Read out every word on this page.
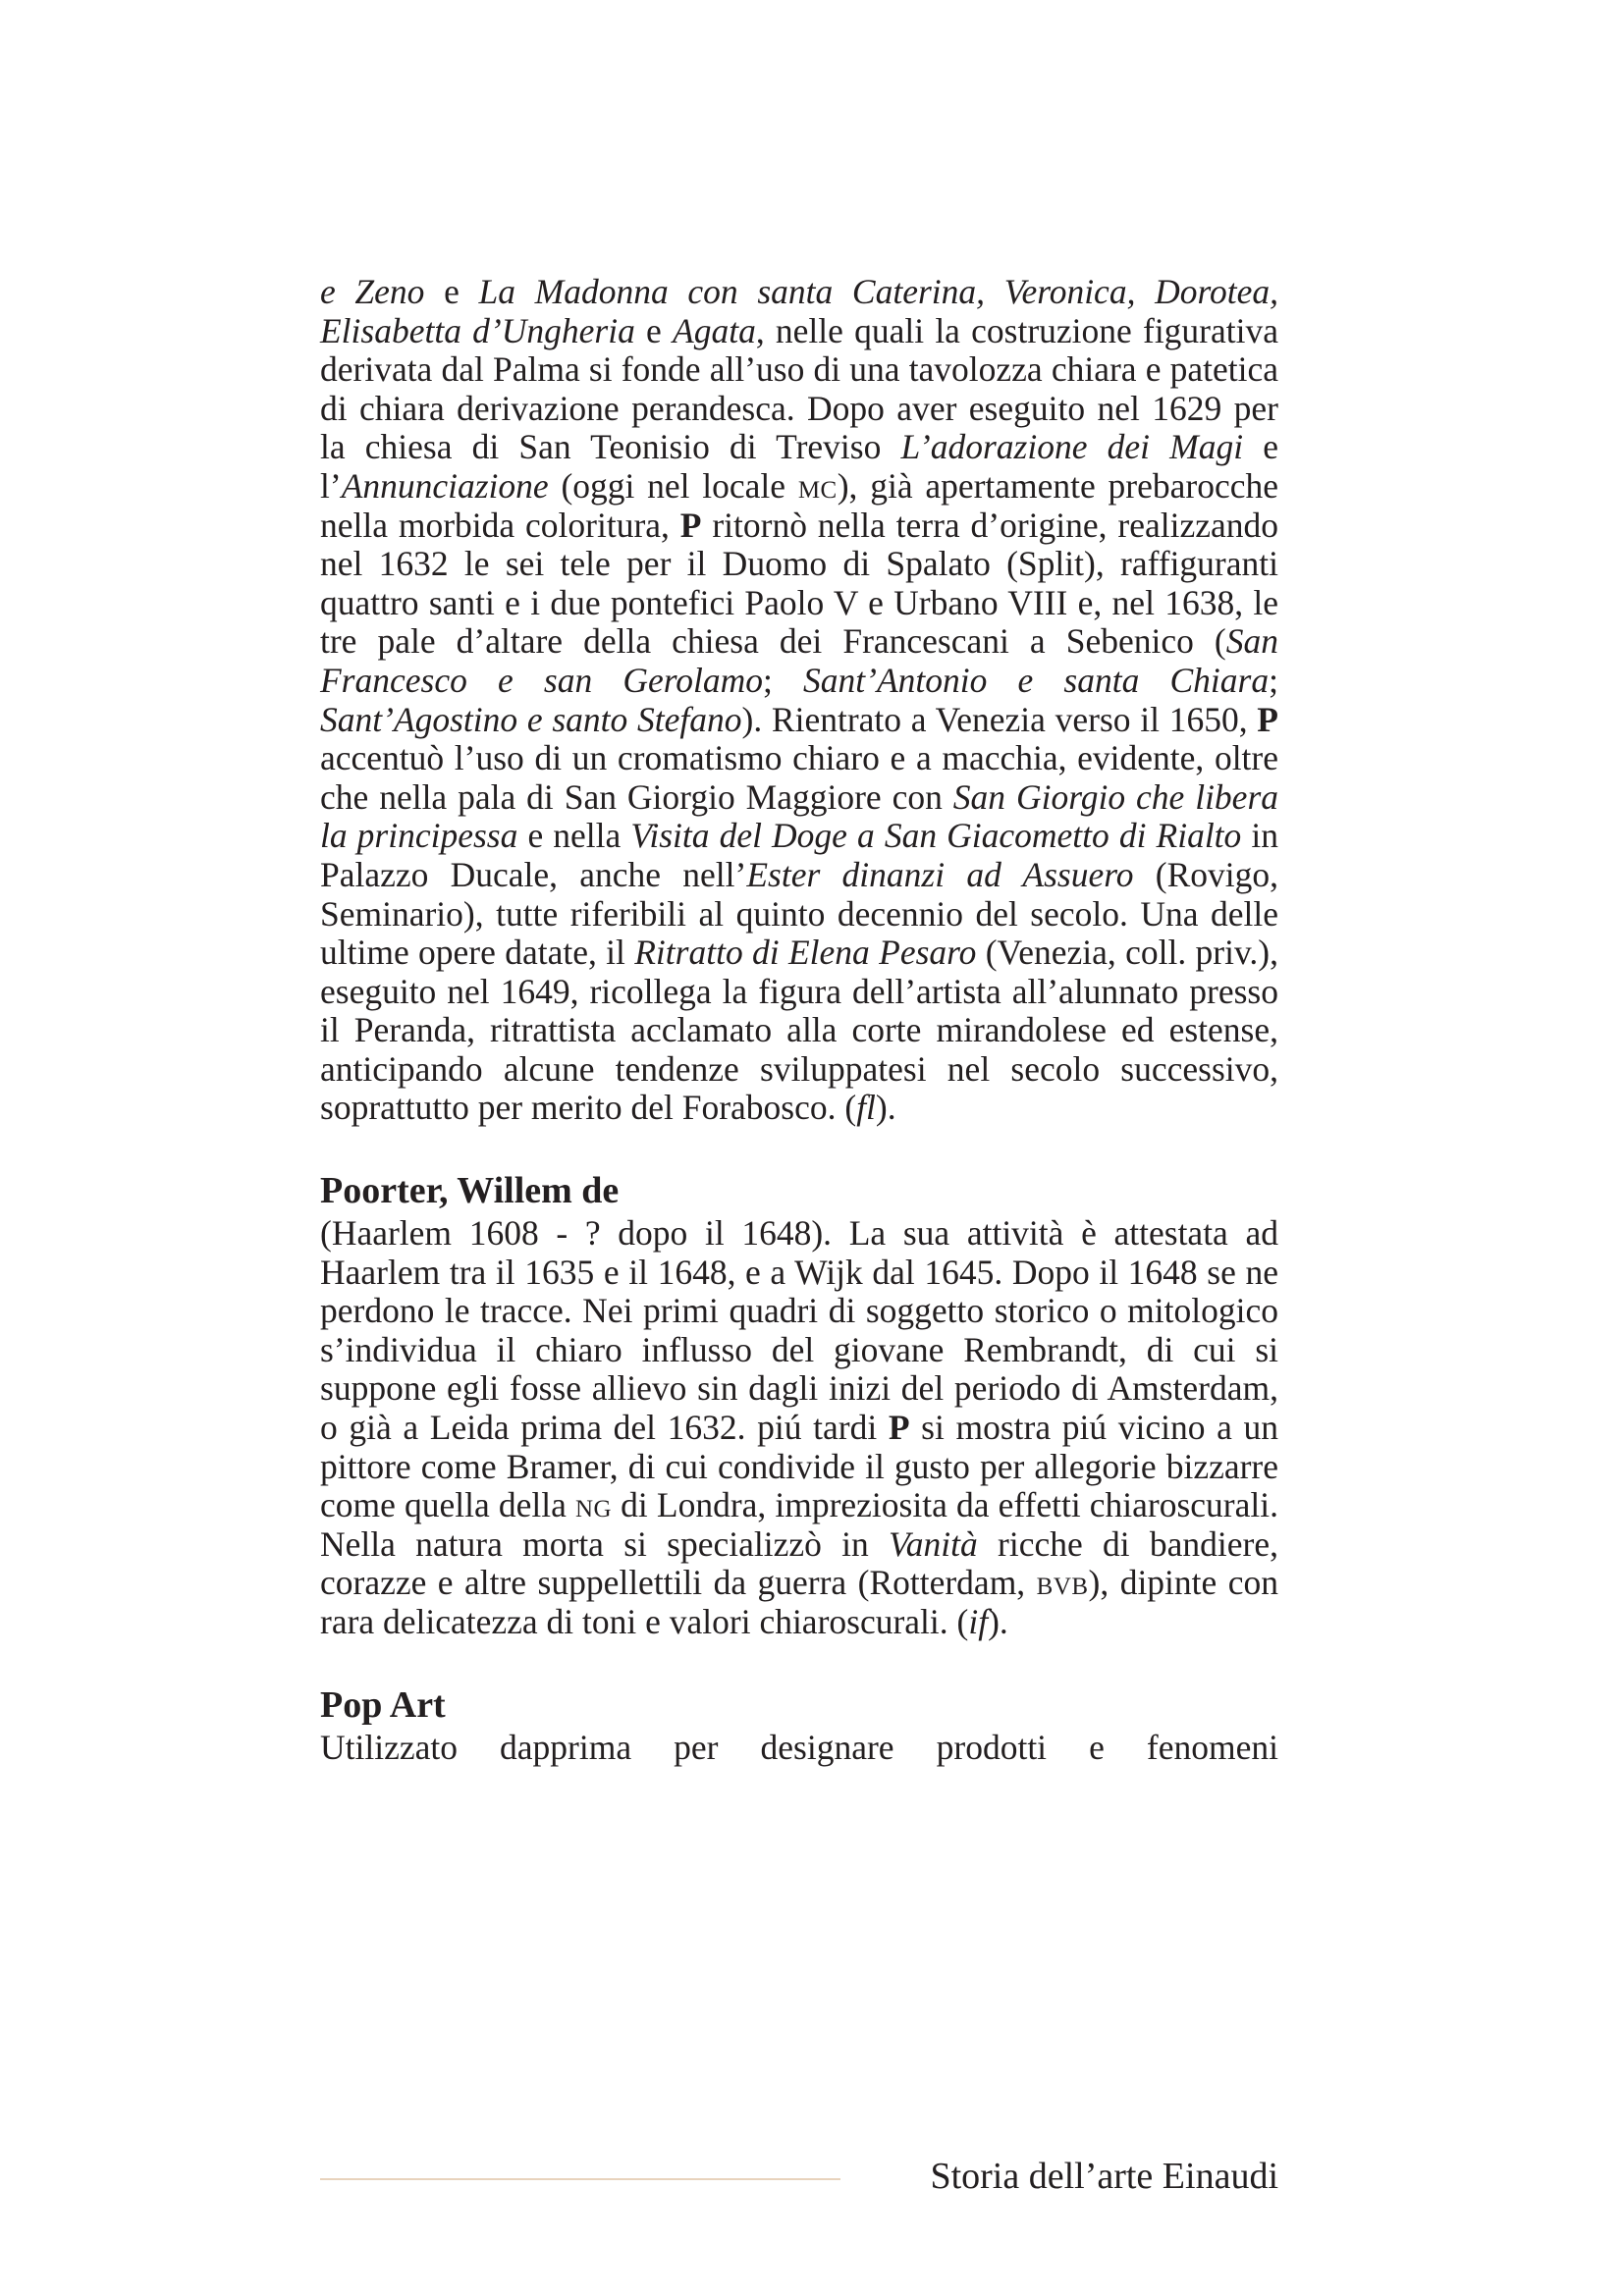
e Zeno e La Madonna con santa Caterina, Veronica, Dorotea, Elisabetta d’Ungheria e Agata, nelle quali la costruzione figurativa derivata dal Palma si fonde all’uso di una tavolozza chiara e patetica di chiara derivazione perandesca. Dopo aver eseguito nel 1629 per la chiesa di San Teonisio di Treviso L’adorazione dei Magi e l’Annunciazione (oggi nel locale mc), già apertamente prebarocche nella morbida coloritura, P ritornò nella terra d’origine, realizzando nel 1632 le sei tele per il Duomo di Spalato (Split), raffiguranti quattro santi e i due pontefici Paolo V e Urbano VIII e, nel 1638, le tre pale d’altare della chiesa dei Francescani a Sebenico (San Francesco e san Gerolamo; Sant’Antonio e santa Chiara; Sant’Agostino e santo Stefano). Rientrato a Venezia verso il 1650, P accentuò l’uso di un cromatismo chiaro e a macchia, evidente, oltre che nella pala di San Giorgio Maggiore con San Giorgio che libera la principessa e nella Visita del Doge a San Giacometto di Rialto in Palazzo Ducale, anche nell’Ester dinanzi ad Assuero (Rovigo, Seminario), tutte riferibili al quinto decennio del secolo. Una delle ultime opere datate, il Ritratto di Elena Pesaro (Venezia, coll. priv.), eseguito nel 1649, ricollega la figura dell’artista all’alunnato presso il Peranda, ritrattista acclamato alla corte mirandolese ed estense, anticipando alcune tendenze sviluppatesi nel secolo successivo, soprattutto per merito del Forabosco. (fl).

Poorter, Willem de

(Haarlem 1608 - ? dopo il 1648). La sua attività è attestata ad Haarlem tra il 1635 e il 1648, e a Wijk dal 1645. Dopo il 1648 se ne perdono le tracce. Nei primi quadri di soggetto storico o mitologico s’individua il chiaro influsso del giovane Rembrandt, di cui si suppone egli fosse allievo sin dagli inizi del periodo di Amsterdam, o già a Leida prima del 1632. piú tardi P si mostra piú vicino a un pittore come Bramer, di cui condivide il gusto per allegorie bizzarre come quella della ng di Londra, impreziosita da effetti chiaroscurali. Nella natura morta si specializzò in Vanità ricche di bandiere, corazze e altre suppellettili da guerra (Rotterdam, bvb), dipinte con rara delicatezza di toni e valori chiaroscurali. (if).

Pop Art

Utilizzato dapprima per designare prodotti e fenomeni

Storia dell’arte Einaudi
